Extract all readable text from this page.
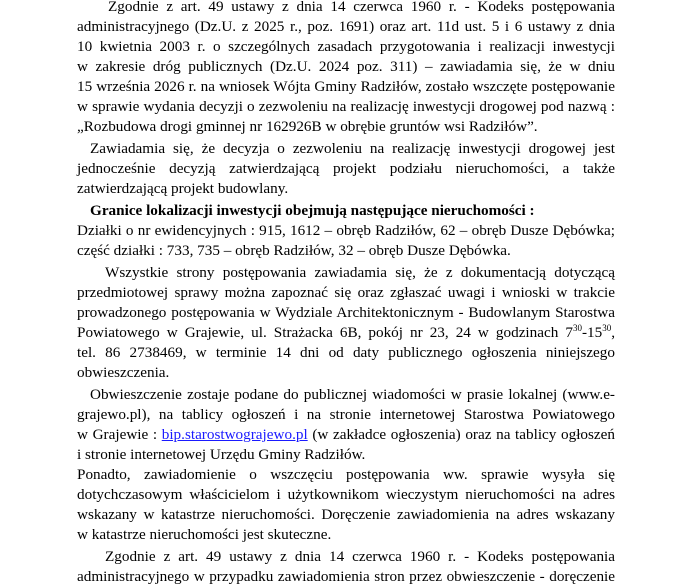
Zgodnie z art. 49 ustawy z dnia 14 czerwca 1960 r. - Kodeks postępowania
administracyjnego (Dz.U. z 2025 r., poz. 1691) oraz art. 11d ust. 5 i 6 ustawy z dnia
10 kwietnia 2003 r. o szczególnych zasadach przygotowania i realizacji inwestycji
w zakresie dróg publicznych (Dz.U. 2024 poz. 311) – zawiadamia się, że w dniu
15 września 2026 r. na wniosek Wójta Gminy Radziłów, zostało wszczęte postępowanie
w sprawie wydania decyzji o zezwoleniu na realizację inwestycji drogowej pod nazwą :
„Rozbudowa drogi gminnej nr 162926B w obrębie gruntów wsi Radziłów”.
Zawiadamia się, że decyzja o zezwoleniu na realizację inwestycji drogowej jest
jednocześnie decyzją zatwierdzającą projekt podziału nieruchomości, a także
zatwierdzającą projekt budowlany.
Granice lokalizacji inwestycji obejmują następujące nieruchomości :
Działki o nr ewidencyjnych : 915, 1612 – obręb Radziłów, 62 – obręb Dusze Dębówka;
część działki : 733, 735 – obręb Radziłów, 32 – obręb Dusze Dębówka.
Wszystkie strony postępowania zawiadamia się, że z dokumentacją dotyczącą
przedmiotowej sprawy można zapoznać się oraz zgłaszać uwagi i wnioski w trakcie
prowadzonego postępowania w Wydziale Architektonicznym - Budowlanym Starostwa
Powiatowego w Grajewie, ul. Strażacka 6B, pokój nr 23, 24 w godzinach $7^{30}-15^{30}$,
tel. 86 2738469, w terminie 14 dni od daty publicznego ogłoszenia niniejszego
obwieszczenia.
Obwieszczenie zostaje podane do publicznej wiadomości w prasie lokalnej (www.e-
grajewo.pl), na tablicy ogłoszeń i na stronie internetowej Starostwa Powiatowego
w Grajewie : bip.starostwograjewo.pl (w zakładce ogłoszenia) oraz na tablicy ogłoszeń
i stronie internetowej Urzędu Gminy Radziłów.
Ponadto, zawiadomienie o wszczęciu postępowania ww. sprawie wysyła się
dotychczasowym właścicielom i użytkownikom wieczystym nieruchomości na adres
wskazany w katastrze nieruchomości. Doręczenie zawiadomienia na adres wskazany
w katastrze nieruchomości jest skuteczne.
Zgodnie z art. 49 ustawy z dnia 14 czerwca 1960 r. - Kodeks postępowania
administracyjnego w przypadku zawiadomienia stron przez obwieszczenie - doręczenie
